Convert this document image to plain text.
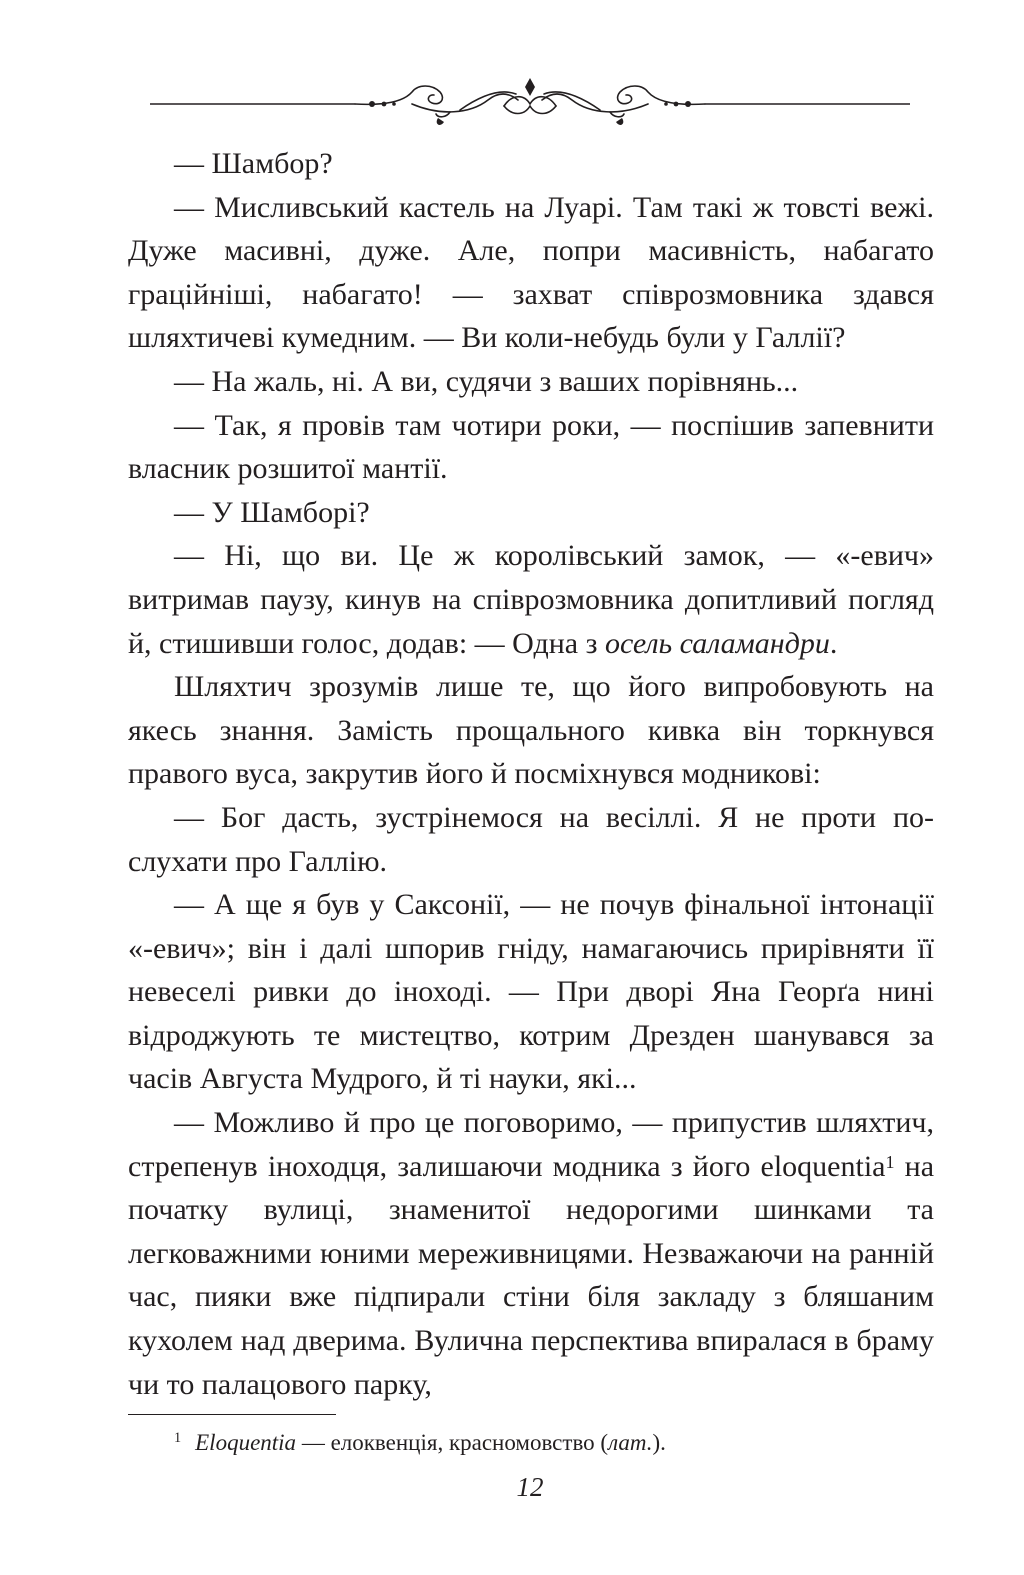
— Шамбор?

— Мисливський кастель на Луарі. Там такі ж товсті вежі. Дуже масивні, дуже. Але, попри масивність, набагато граційніші, набагато! — захват співрозмовника здався шляхтичеві кумедним. — Ви коли-небудь були у Галлії?

— На жаль, ні. А ви, судячи з ваших порівнянь...

— Так, я провів там чотири роки, — поспішив запевнити власник розшитої мантії.

— У Шамборі?

— Ні, що ви. Це ж королівський замок, — «-евич» витримав паузу, кинув на співрозмовника допитливий погляд й, стишивши голос, додав: — Одна з осель саламандри.

Шляхтич зрозумів лише те, що його випробовують на якесь знання. Замість прощального кивка він торкнувся правого вуса, закрутив його й посміхнувся модникові:

— Бог дасть, зустрінемося на весіллі. Я не проти послухати про Галлію.

— А ще я був у Саксонії, — не почув фінальної інтонації «-евич»; він і далі шпорив гніду, намагаючись прирівняти її невеселі ривки до іноході. — При дворі Яна Георґа нині відроджують те мистецтво, котрим Дрезден шанувався за часів Августа Мудрого, й ті науки, які...

— Можливо й про це поговоримо, — припустив шляхтич, стрепенув іноходця, залишаючи модника з його eloquentia$^1$ на початку вулиці, знаменитої недорогими шинками та легковажними юними мереживницями. Незважаючи на ранній час, пияки вже підпирали стіни біля закладу з бляшаним кухолем над дверима. Вулична перспектива впиралася в браму чи то палацового парку,

$^1$ Eloquentia — елоквенція, красномовство (лат.).
12
